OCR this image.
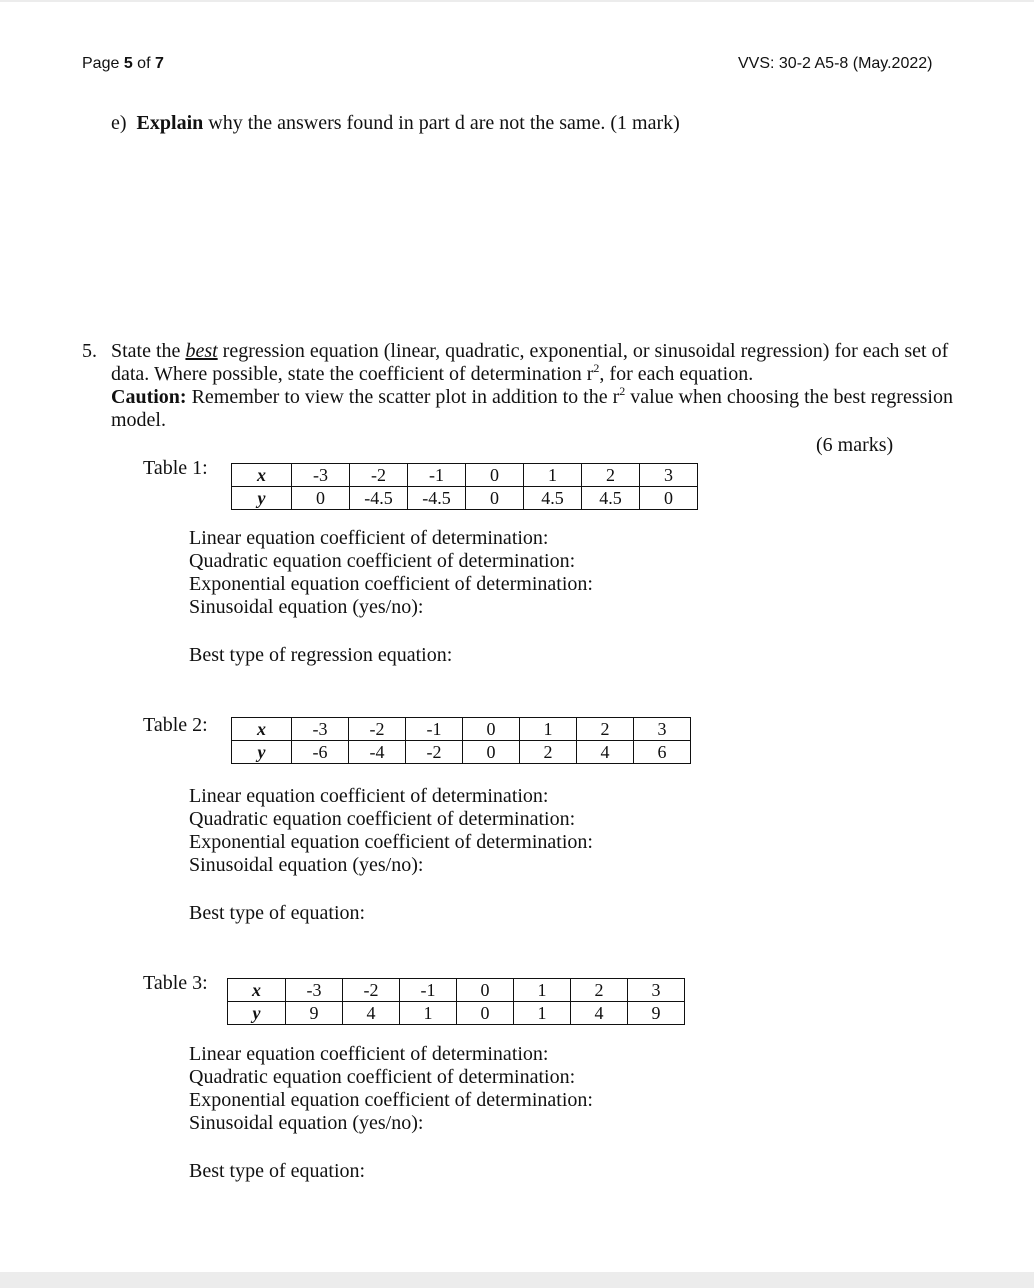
Page 5 of 7	VVS: 30-2 A5-8 (May.2022)
e) Explain why the answers found in part d are not the same. (1 mark)
5. State the best regression equation (linear, quadratic, exponential, or sinusoidal regression) for each set of data. Where possible, state the coefficient of determination $r^2$, for each equation.
Caution: Remember to view the scatter plot in addition to the $r^2$ value when choosing the best regression model.
(6 marks)
Table 1:	x	-3	-2	-1	0	1	2	3
y	0	-4.5	-4.5	0	4.5	4.5	0
Linear equation coefficient of determination:
Quadratic equation coefficient of determination:
Exponential equation coefficient of determination:
Sinusoidal equation (yes/no):
Best type of regression equation:
Table 2:	x	-3	-2	-1	0	1	2	3
y	-6	-4	-2	0	2	4	6
Linear equation coefficient of determination:
Quadratic equation coefficient of determination:
Exponential equation coefficient of determination:
Sinusoidal equation (yes/no):
Best type of equation:
Table 3: x	-3	-2	-1	0	1	2	3
y	9	4	1	0	1	4	9
Linear equation coefficient of determination:
Quadratic equation coefficient of determination:
Exponential equation coefficient of determination:
Sinusoidal equation (yes/no):
Best type of equation:
